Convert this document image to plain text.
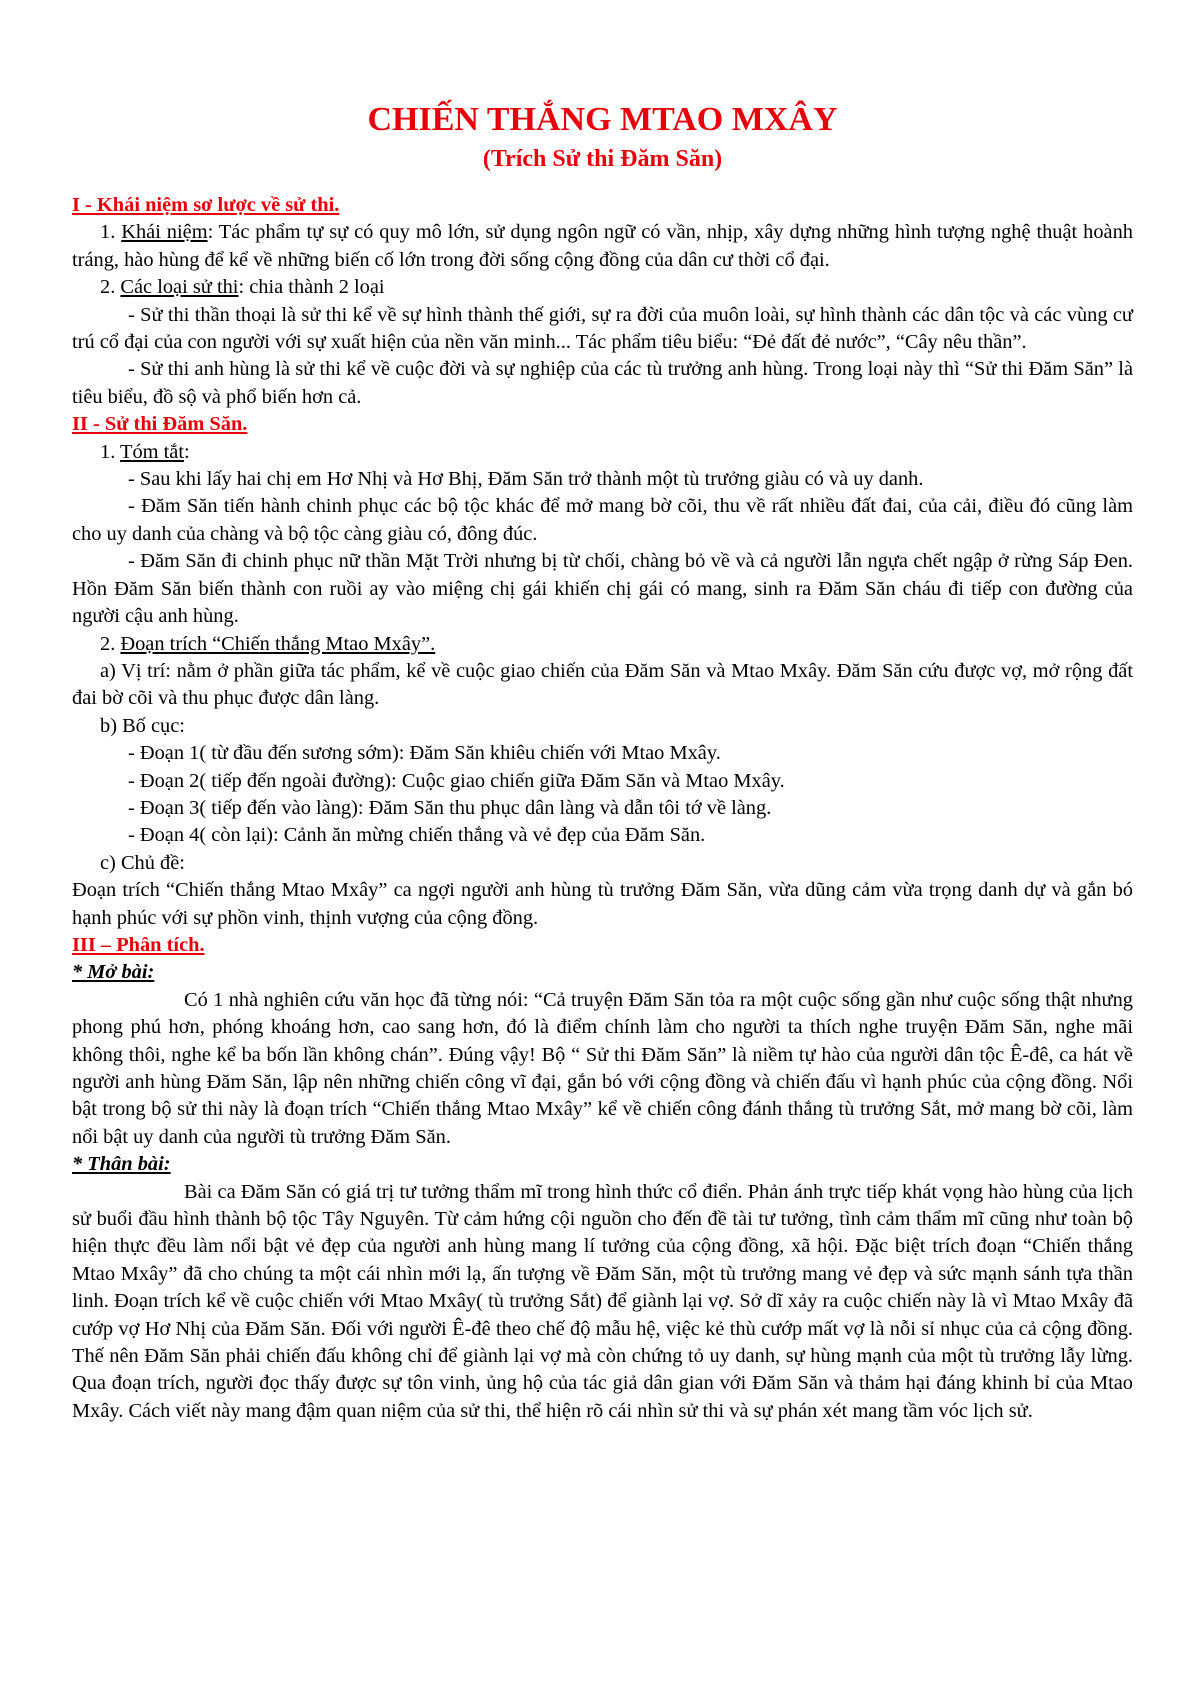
CHIẾN THẮNG MTAO MXÂY
(Trích Sử thi Đăm Săn)

I - Khái niệm sơ lược về sử thi.

1. Khái niệm: Tác phẩm tự sự có quy mô lớn, sử dụng ngôn ngữ có vần, nhịp, xây dựng những hình tượng nghệ thuật hoành tráng, hào hùng để kể về những biến cố lớn trong đời sống cộng đồng của dân cư thời cổ đại.

2. Các loại sử thi: chia thành 2 loại

- Sử thi thần thoại là sử thi kể về sự hình thành thế giới, sự ra đời của muôn loài, sự hình thành các dân tộc và các vùng cư trú cổ đại của con người với sự xuất hiện của nền văn minh... Tác phẩm tiêu biểu: “Đẻ đất đẻ nước”, “Cây nêu thần”.

- Sử thi anh hùng là sử thi kể về cuộc đời và sự nghiệp của các tù trưởng anh hùng. Trong loại này thì “Sử thi Đăm Săn” là tiêu biểu, đồ sộ và phổ biến hơn cả.

II - Sử thi Đăm Săn.

1. Tóm tắt:

- Sau khi lấy hai chị em Hơ Nhị và Hơ Bhị, Đăm Săn trở thành một tù trưởng giàu có và uy danh.

- Đăm Săn tiến hành chinh phục các bộ tộc khác để mở mang bờ cõi, thu về rất nhiều đất đai, của cải, điều đó cũng làm cho uy danh của chàng và bộ tộc càng giàu có, đông đúc.

- Đăm Săn đi chinh phục nữ thần Mặt Trời nhưng bị từ chối, chàng bỏ về và cả người lẫn ngựa chết ngập ở rừng Sáp Đen. Hồn Đăm Săn biến thành con ruồi ay vào miệng chị gái khiến chị gái có mang, sinh ra Đăm Săn cháu đi tiếp con đường của người cậu anh hùng.

2. Đoạn trích “Chiến thắng Mtao Mxây”.

a) Vị trí: nằm ở phần giữa tác phẩm, kể về cuộc giao chiến của Đăm Săn và Mtao Mxây. Đăm Săn cứu được vợ, mở rộng đất đai bờ cõi và thu phục được dân làng.

b) Bố cục:

- Đoạn 1( từ đầu đến sương sớm): Đăm Săn khiêu chiến với Mtao Mxây.

- Đoạn 2( tiếp đến ngoài đường): Cuộc giao chiến giữa Đăm Săn và Mtao Mxây.

- Đoạn 3( tiếp đến vào làng): Đăm Săn thu phục dân làng và dẫn tôi tớ về làng.

- Đoạn 4( còn lại): Cảnh ăn mừng chiến thắng và vẻ đẹp của Đăm Săn.

c) Chủ đề:

Đoạn trích “Chiến thắng Mtao Mxây” ca ngợi người anh hùng tù trưởng Đăm Săn, vừa dũng cảm vừa trọng danh dự và gắn bó hạnh phúc với sự phồn vinh, thịnh vượng của cộng đồng.

III – Phân tích.

* Mở bài:

Có 1 nhà nghiên cứu văn học đã từng nói: “Cả truyện Đăm Săn tỏa ra một cuộc sống gần như cuộc sống thật nhưng phong phú hơn, phóng khoáng hơn, cao sang hơn, đó là điểm chính làm cho người ta thích nghe truyện Đăm Săn, nghe mãi không thôi, nghe kể ba bốn lần không chán”. Đúng vậy! Bộ “ Sử thi Đăm Săn” là niềm tự hào của người dân tộc Ê-đê, ca hát về người anh hùng Đăm Săn, lập nên những chiến công vĩ đại, gắn bó với cộng đồng và chiến đấu vì hạnh phúc của cộng đồng. Nổi bật trong bộ sử thi này là đoạn trích “Chiến thắng Mtao Mxây” kể về chiến công đánh thắng tù trưởng Sắt, mở mang bờ cõi, làm nổi bật uy danh của người tù trưởng Đăm Săn.

* Thân bài:

Bài ca Đăm Săn có giá trị tư tưởng thẩm mĩ trong hình thức cổ điển. Phản ánh trực tiếp khát vọng hào hùng của lịch sử buổi đầu hình thành bộ tộc Tây Nguyên. Từ cảm hứng cội nguồn cho đến đề tài tư tưởng, tình cảm thẩm mĩ cũng như toàn bộ hiện thực đều làm nổi bật vẻ đẹp của người anh hùng mang lí tưởng của cộng đồng, xã hội. Đặc biệt trích đoạn “Chiến thắng Mtao Mxây” đã cho chúng ta một cái nhìn mới lạ, ấn tượng về Đăm Săn, một tù trưởng mang vẻ đẹp và sức mạnh sánh tựa thần linh. Đoạn trích kể về cuộc chiến với Mtao Mxây( tù trưởng Sắt) để giành lại vợ. Sở dĩ xảy ra cuộc chiến này là vì Mtao Mxây đã cướp vợ Hơ Nhị của Đăm Săn. Đối với người Ê-đê theo chế độ mẫu hệ, việc kẻ thù cướp mất vợ là nỗi sỉ nhục của cả cộng đồng. Thế nên Đăm Săn phải chiến đấu không chỉ để giành lại vợ mà còn chứng tỏ uy danh, sự hùng mạnh của một tù trưởng lẫy lừng. Qua đoạn trích, người đọc thấy được sự tôn vinh, ủng hộ của tác giả dân gian với Đăm Săn và thảm hại đáng khinh bỉ của Mtao Mxây. Cách viết này mang đậm quan niệm của sử thi, thể hiện rõ cái nhìn sử thi và sự phán xét mang tầm vóc lịch sử.
